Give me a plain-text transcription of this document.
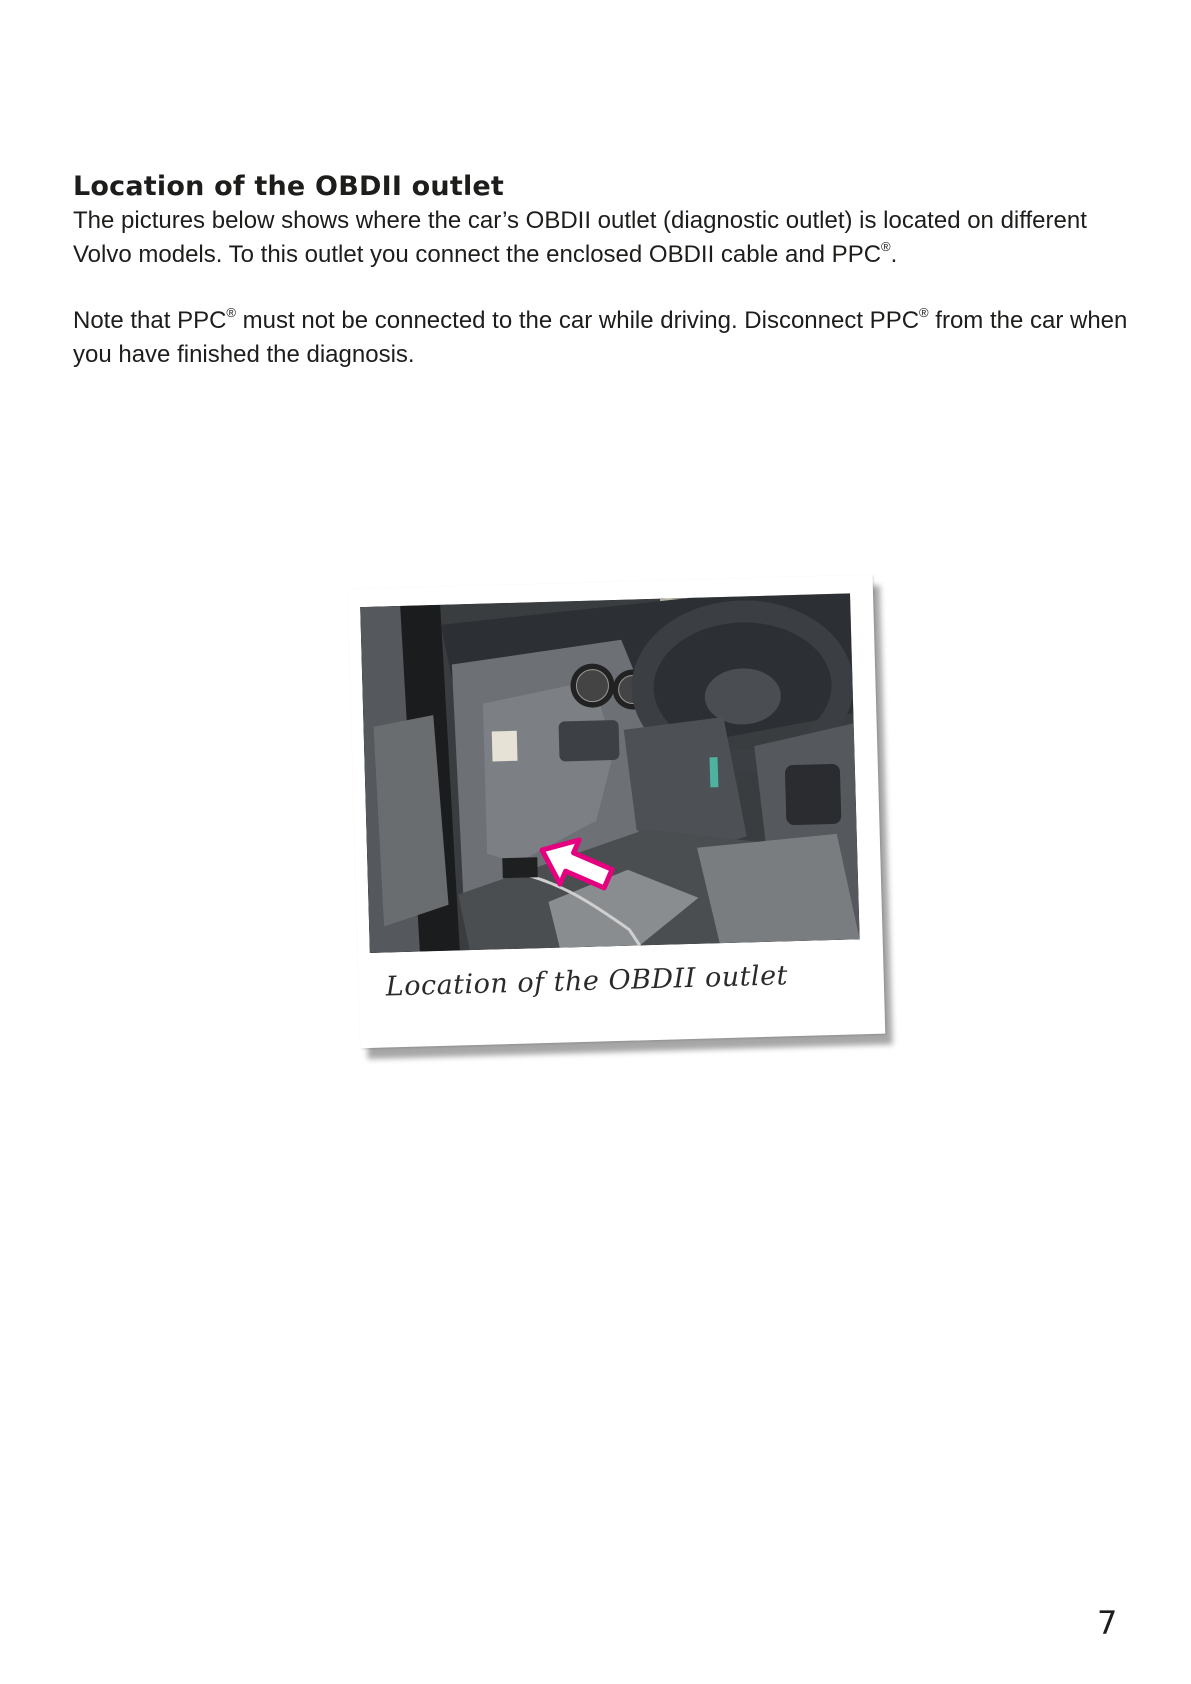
Location of the OBDII outlet

The pictures below shows where the car’s OBDII outlet (diagnostic outlet) is located on different Volvo models. To this outlet you connect the enclosed OBDII cable and PPC®.

Note that PPC® must not be connected to the car while driving. Disconnect PPC® from the car when you have finished the diagnosis.

Location of the OBDII outlet
7
